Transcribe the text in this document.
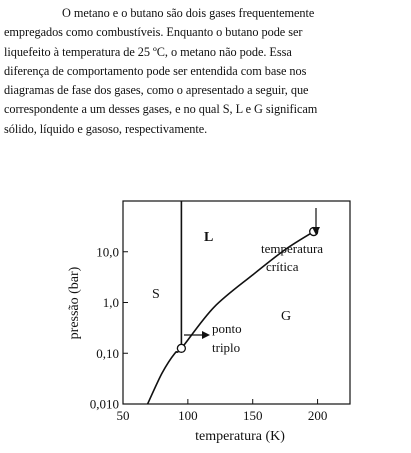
O metano e o butano são dois gases frequentemente
empregados como combustíveis. Enquanto o butano pode ser
liquefeito à temperatura de 25 ºC, o metano não pode. Essa
diferença de comportamento pode ser entendida com base nos
diagramas de fase dos gases, como o apresentado a seguir, que
correspondente a um desses gases, e no qual S, L e G significam
sólido, líquido e gasoso, respectivamente.
50	100	150	200
0,010
0,10
1,0
10,0
temperatura (K)
pressão (bar)	S
L
G
ponto
triplo
temperatura
crítica
